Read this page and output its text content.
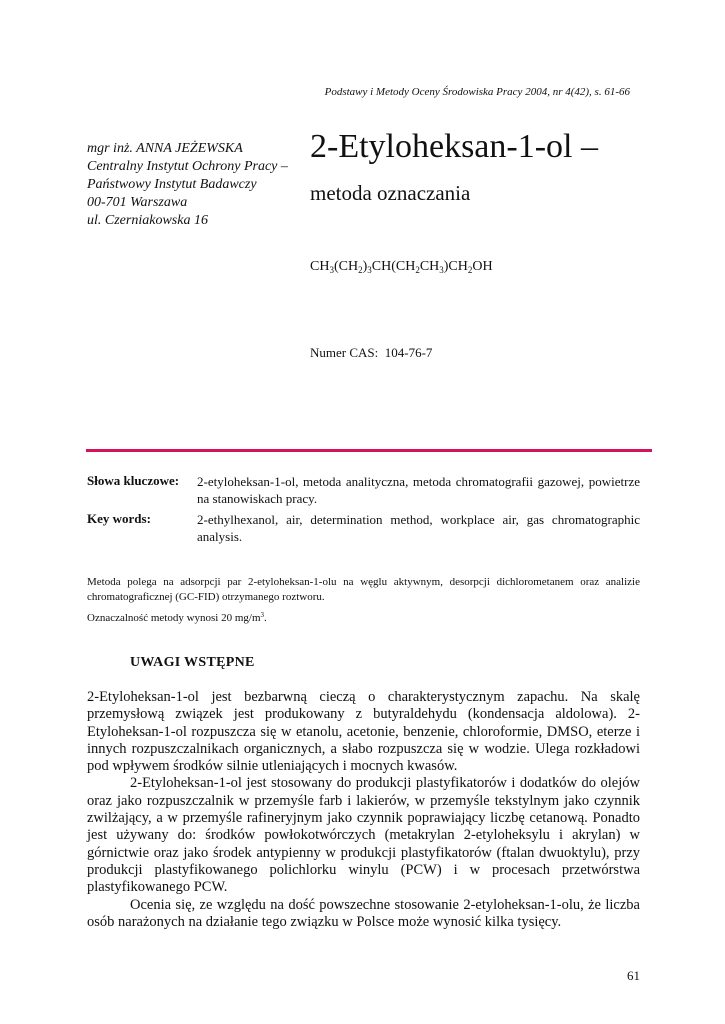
Podstawy i Metody Oceny Środowiska Pracy 2004, nr 4(42), s. 61-66
mgr inż. ANNA JEŻEWSKA
Centralny Instytut Ochrony Pracy –
Państwowy Instytut Badawczy
00-701 Warszawa
ul. Czerniakowska 16
2-Etyloheksan-1-ol –
metoda oznaczania
$CH_3(CH_2)_3CH(CH_2CH_3)CH_2OH$
Numer CAS: 104-76-7
Słowa kluczowe: 2-etyloheksan-1-ol, metoda analityczna, metoda chromatografii gazowej, powietrze na stanowiskach pracy.
Key words:	2-ethylhexanol, air, determination method, workplace air, gas chromatographic analysis.
Metoda polega na adsorpcji par 2-etyloheksan-1-olu na węglu aktywnym, desorpcji dichlorometanem oraz analizie chromatograficznej (GC-FID) otrzymanego roztworu.
Oznaczalność metody wynosi 20 $mg/m^3$.
UWAGI WSTĘPNE

2-Etyloheksan-1-ol jest bezbarwną cieczą o charakterystycznym zapachu. Na skalę przemysłową związek jest produkowany z butyraldehydu (kondensacja aldolowa). 2-Etyloheksan-1-ol rozpuszcza się w etanolu, acetonie, benzenie, chloroformie, DMSO, eterze i innych rozpuszczalnikach organicznych, a słabo rozpuszcza się w wodzie. Ulega rozkładowi pod wpływem środków silnie utleniających i mocnych kwasów.

2-Etyloheksan-1-ol jest stosowany do produkcji plastyfikatorów i dodatków do olejów oraz jako rozpuszczalnik w przemyśle farb i lakierów, w przemyśle tekstylnym jako czynnik zwilżający, a w przemyśle rafineryjnym jako czynnik poprawiający liczbę cetanową. Ponadto jest używany do: środków powłokotwórczych (metakrylan 2-etyloheksylu i akrylan) w górnictwie oraz jako środek antypienny w produkcji plastyfikatorów (ftalan dwuoktylu), przy produkcji plastyfikowanego polichlorku winylu (PCW) i w procesach przetwórstwa plastyfikowanego PCW.

Ocenia się, ze względu na dość powszechne stosowanie 2-etyloheksan-1-olu, że liczba osób narażonych na działanie tego związku w Polsce może wynosić kilka tysięcy.

61
